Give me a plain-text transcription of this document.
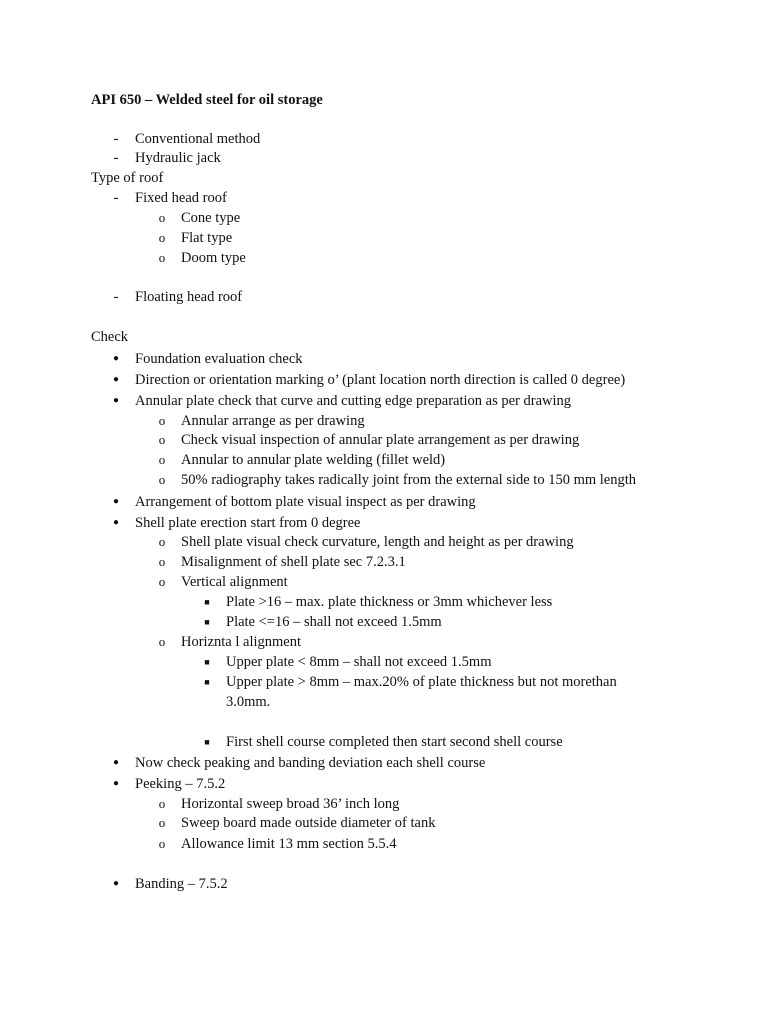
API 650 – Welded steel for oil storage
-	Conventional method
-	Hydraulic jack
Type of roof
-	Fixed head roof
o Cone type
o Flat type
o Doom type
-	Floating head roof
Check
● Foundation evaluation check
● Direction or orientation marking o’ (plant location north direction is called 0 degree)
● Annular plate check that curve and cutting edge preparation as per drawing
o Annular arrange as per drawing
o Check visual inspection of annular plate arrangement as per drawing
o Annular to annular plate welding (fillet weld)
o 50% radiography takes radically joint from the external side to 150 mm length
● Arrangement of bottom plate visual inspect as per drawing
● Shell plate erection start from 0 degree
o Shell plate visual check curvature, length and height as per drawing
o Misalignment of shell plate sec 7.2.3.1
o Vertical alignment
■ Plate >16 – max. plate thickness or 3mm whichever less
■ Plate <=16 – shall not exceed 1.5mm
o Horiznta l alignment
■ Upper plate < 8mm – shall not exceed 1.5mm
■ Upper plate > 8mm – max.20% of plate thickness but not morethan
3.0mm.
■ First shell course completed then start second shell course
● Now check peaking and banding deviation each shell course
● Peeking – 7.5.2
o Horizontal sweep broad 36’ inch long
o Sweep board made outside diameter of tank
o Allowance limit 13 mm section 5.5.4
● Banding – 7.5.2
